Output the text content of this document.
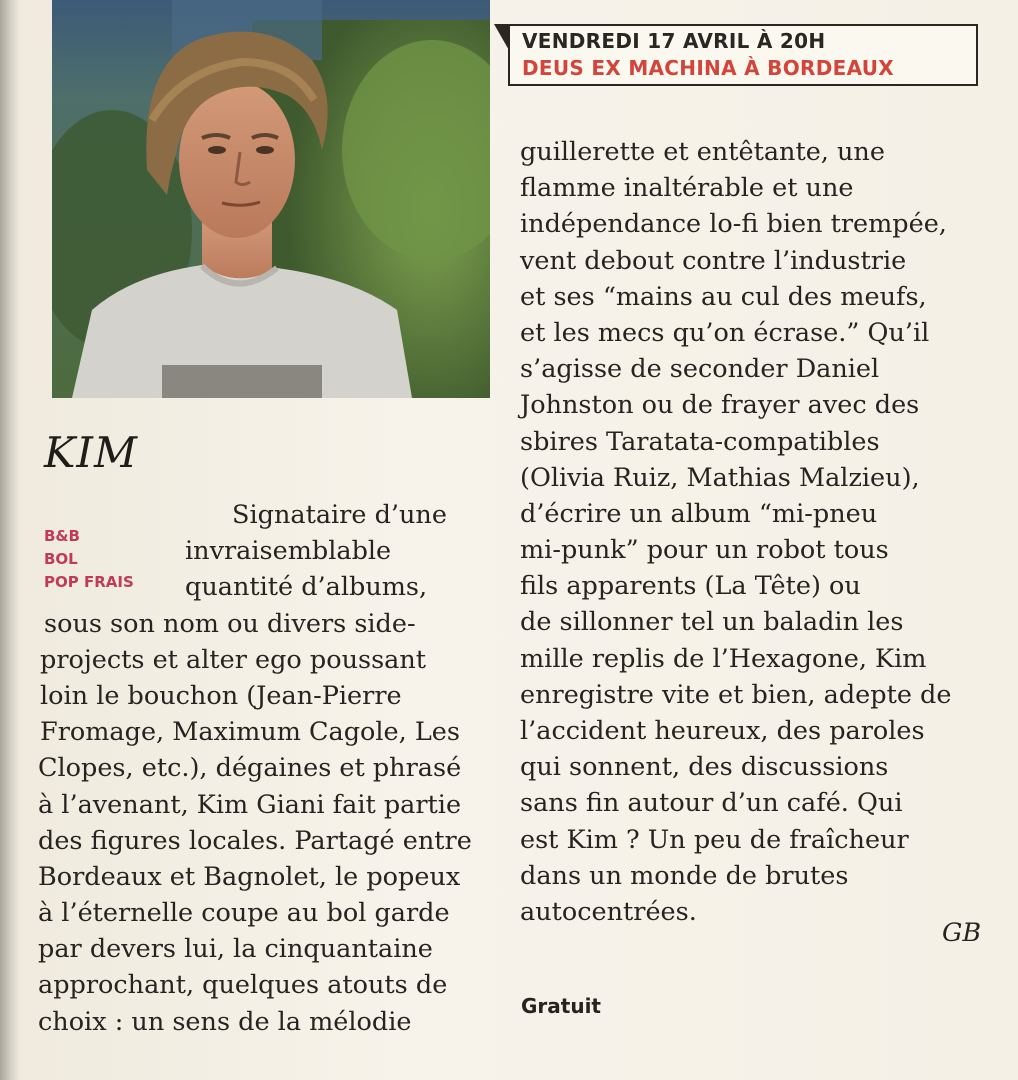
VENDREDI 17 AVRIL À 20H
DEUS EX MACHINA À BORDEAUX
KIM
B&B
BOL
POP FRAIS
Signataire d’une
invraisemblable
quantité d’albums,
sous son nom ou divers side-
projects et alter ego poussant
loin le bouchon (Jean-Pierre
Fromage, Maximum Cagole, Les
Clopes, etc.), dégaines et phrasé
à l’avenant, Kim Giani fait partie
des figures locales. Partagé entre
Bordeaux et Bagnolet, le popeux
à l’éternelle coupe au bol garde
par devers lui, la cinquantaine
approchant, quelques atouts de
choix : un sens de la mélodie
guillerette et entêtante, une
flamme inaltérable et une
indépendance lo-fi bien trempée,
vent debout contre l’industrie
et ses “mains au cul des meufs,
et les mecs qu’on écrase.” Qu’il
s’agisse de seconder Daniel
Johnston ou de frayer avec des
sbires Taratata-compatibles
(Olivia Ruiz, Mathias Malzieu),
d’écrire un album “mi-pneu
mi-punk” pour un robot tous
fils apparents (La Tête) ou
de sillonner tel un baladin les
mille replis de l’Hexagone, Kim
enregistre vite et bien, adepte de
l’accident heureux, des paroles
qui sonnent, des discussions
sans fin autour d’un café. Qui
est Kim ? Un peu de fraîcheur
dans un monde de brutes
autocentrées.
GB
Gratuit
